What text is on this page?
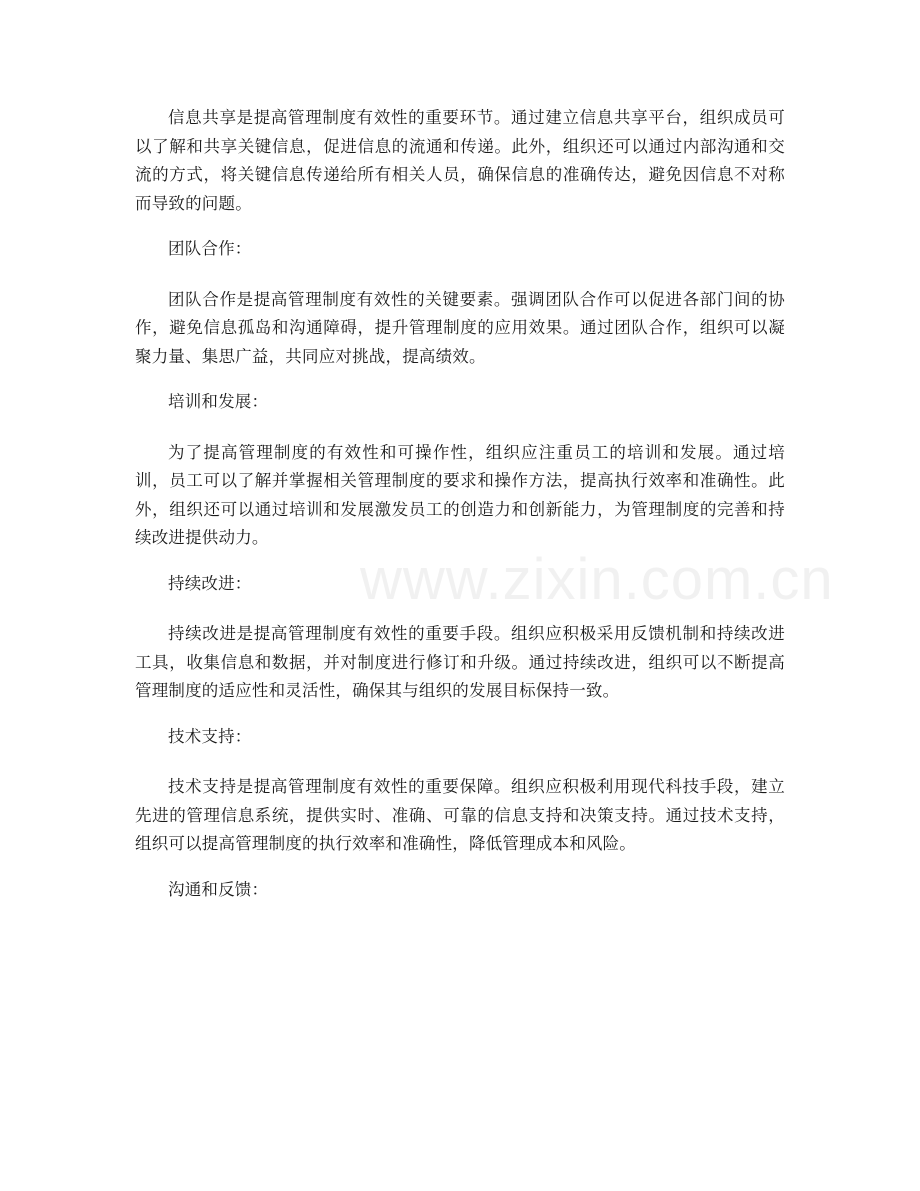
信息共享是提高管理制度有效性的重要环节。通过建立信息共享平台，组织成员可以了解和共享关键信息，促进信息的流通和传递。此外，组织还可以通过内部沟通和交流的方式，将关键信息传递给所有相关人员，确保信息的准确传达，避免因信息不对称而导致的问题。

团队合作：

团队合作是提高管理制度有效性的关键要素。强调团队合作可以促进各部门间的协作，避免信息孤岛和沟通障碍，提升管理制度的应用效果。通过团队合作，组织可以凝聚力量、集思广益，共同应对挑战，提高绩效。

培训和发展：

为了提高管理制度的有效性和可操作性，组织应注重员工的培训和发展。通过培训，员工可以了解并掌握相关管理制度的要求和操作方法，提高执行效率和准确性。此外，组织还可以通过培训和发展激发员工的创造力和创新能力，为管理制度的完善和持续改进提供动力。

持续改进：

持续改进是提高管理制度有效性的重要手段。组织应积极采用反馈机制和持续改进工具，收集信息和数据，并对制度进行修订和升级。通过持续改进，组织可以不断提高管理制度的适应性和灵活性，确保其与组织的发展目标保持一致。

技术支持：

技术支持是提高管理制度有效性的重要保障。组织应积极利用现代科技手段，建立先进的管理信息系统，提供实时、准确、可靠的信息支持和决策支持。通过技术支持，组织可以提高管理制度的执行效率和准确性，降低管理成本和风险。

沟通和反馈：

www.zixin.com.cn
